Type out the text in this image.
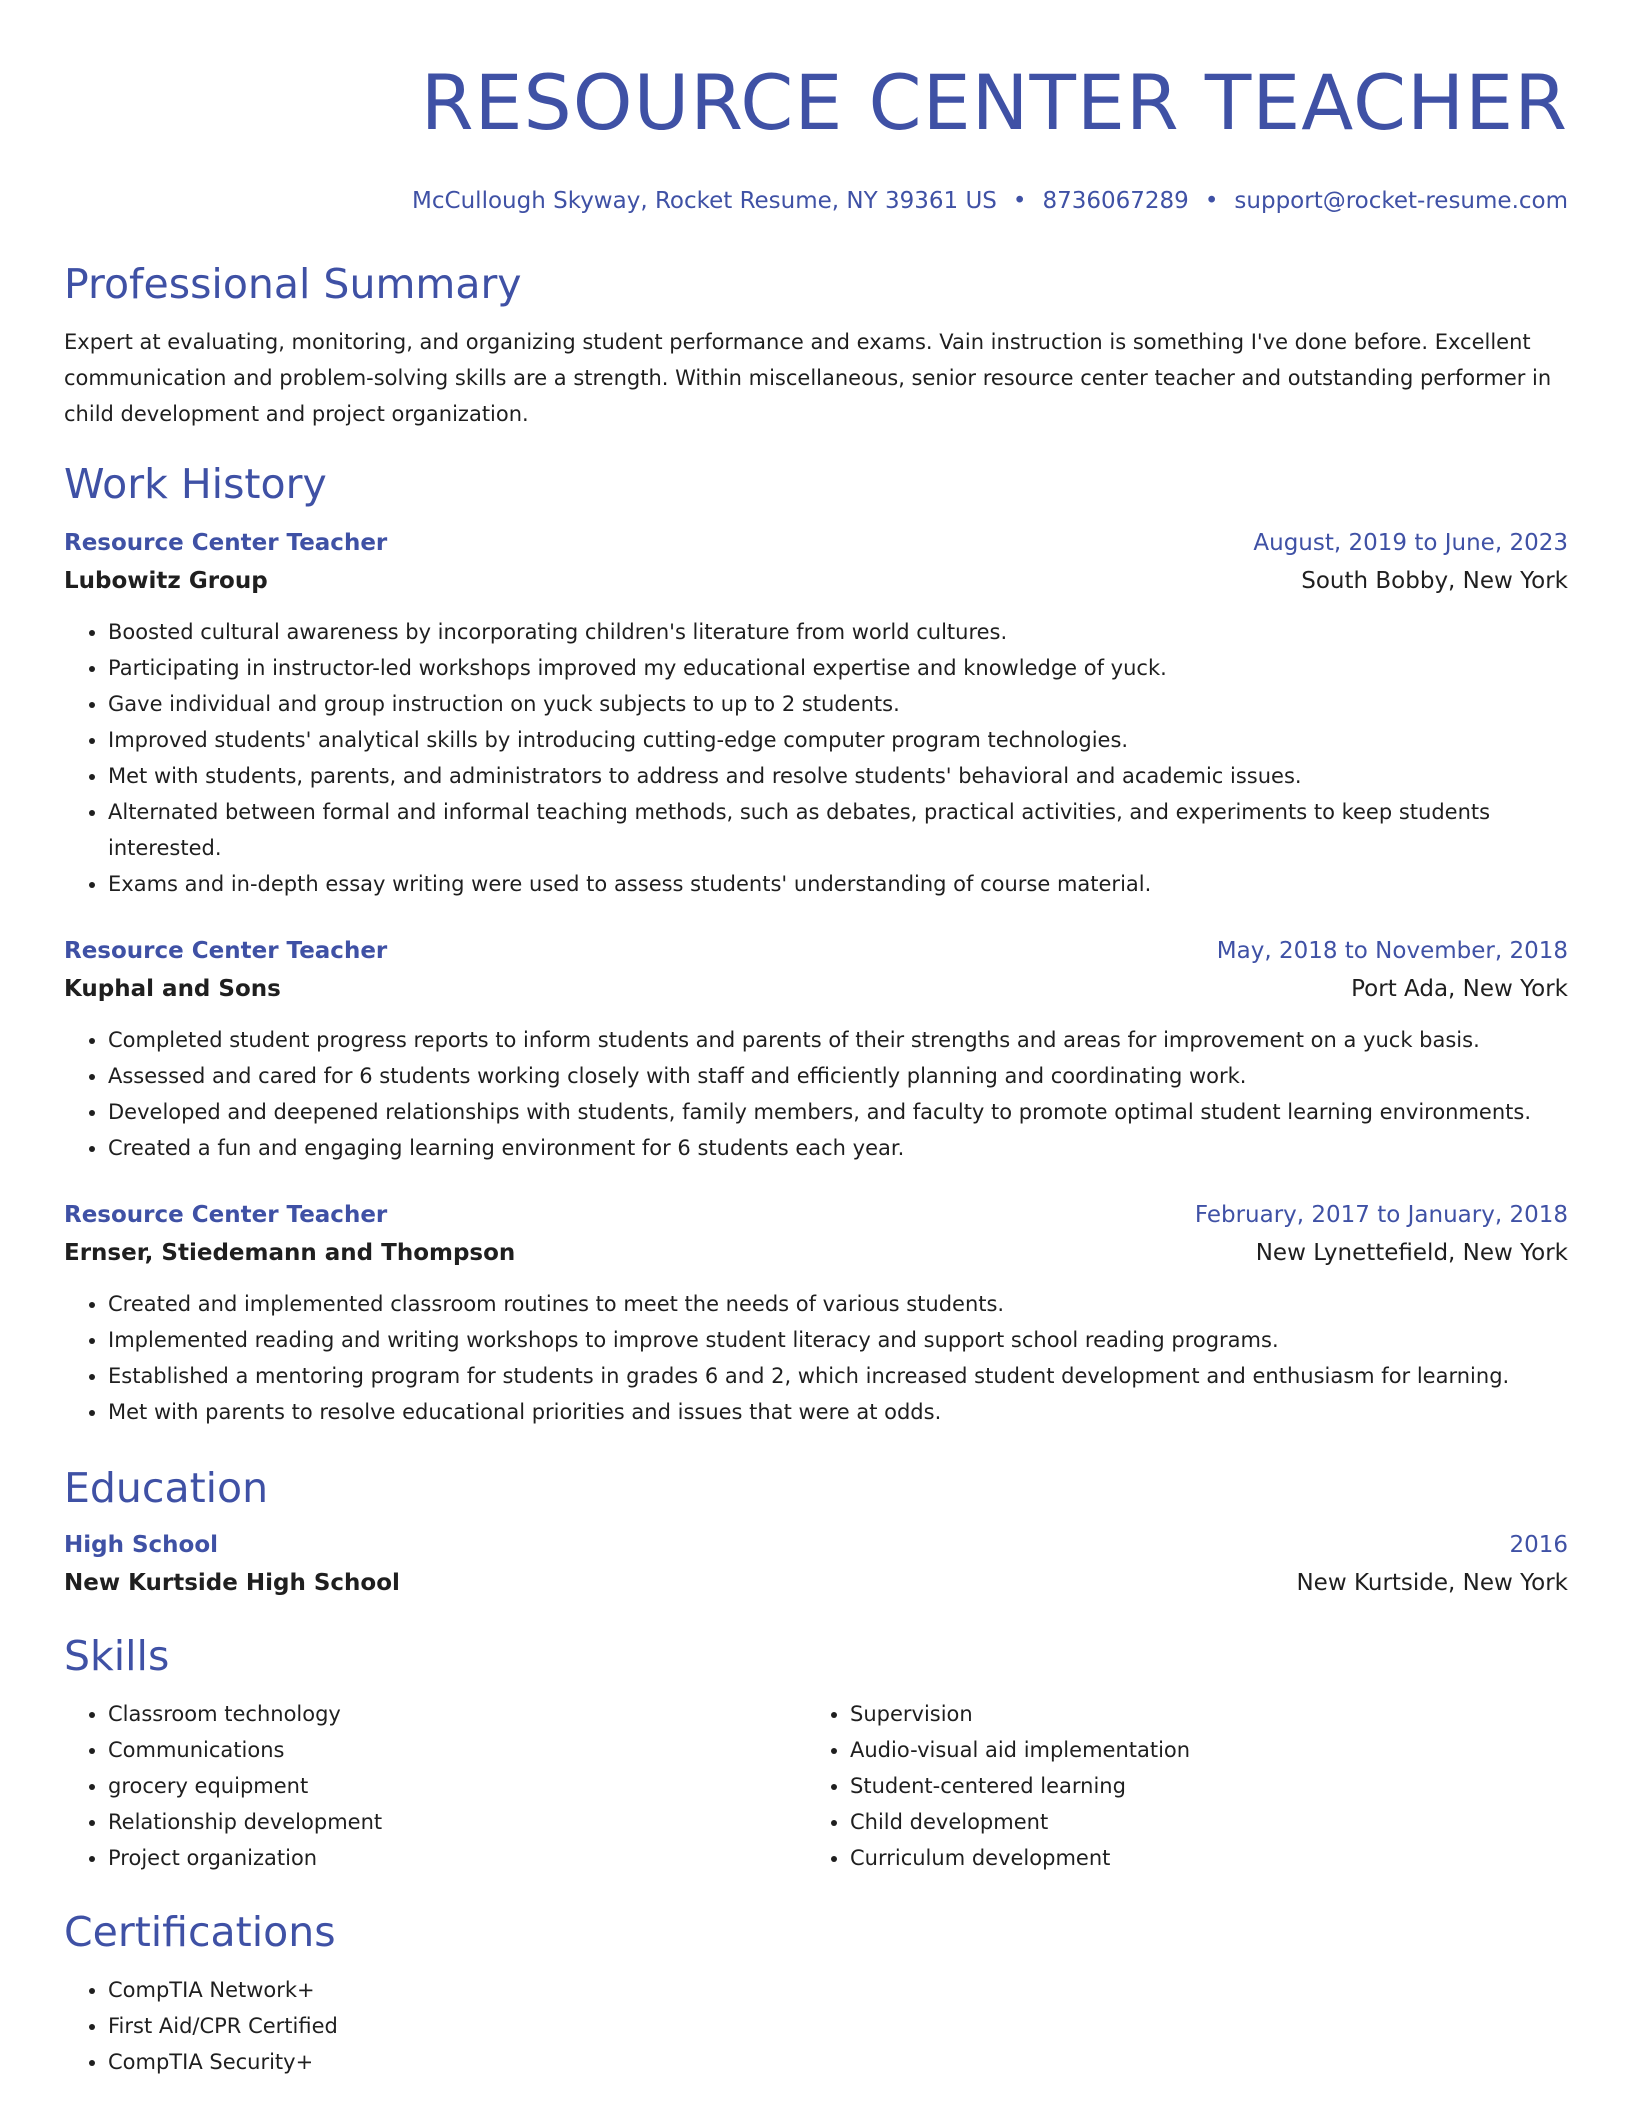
RESOURCE CENTER TEACHER
McCullough Skyway, Rocket Resume, NY 39361 US • 8736067289 • support@rocket-resume.com
Professional Summary
Expert at evaluating, monitoring, and organizing student performance and exams. Vain instruction is something I've done before. Excellent communication and problem-solving skills are a strength. Within miscellaneous, senior resource center teacher and outstanding performer in child development and project organization.
Work History
Resource Center Teacher	August, 2019 to June, 2023
Lubowitz Group	South Bobby, New York
• Boosted cultural awareness by incorporating children's literature from world cultures.
• Participating in instructor-led workshops improved my educational expertise and knowledge of yuck.
• Gave individual and group instruction on yuck subjects to up to 2 students.
• Improved students' analytical skills by introducing cutting-edge computer program technologies.
• Met with students, parents, and administrators to address and resolve students' behavioral and academic issues.
• Alternated between formal and informal teaching methods, such as debates, practical activities, and experiments to keep students interested.
• Exams and in-depth essay writing were used to assess students' understanding of course material.
Resource Center Teacher	May, 2018 to November, 2018
Kuphal and Sons	Port Ada, New York
• Completed student progress reports to inform students and parents of their strengths and areas for improvement on a yuck basis.
• Assessed and cared for 6 students working closely with staff and efficiently planning and coordinating work.
• Developed and deepened relationships with students, family members, and faculty to promote optimal student learning environments.
• Created a fun and engaging learning environment for 6 students each year.
Resource Center Teacher	February, 2017 to January, 2018
Ernser, Stiedemann and Thompson	New Lynettefield, New York
• Created and implemented classroom routines to meet the needs of various students.
• Implemented reading and writing workshops to improve student literacy and support school reading programs.
• Established a mentoring program for students in grades 6 and 2, which increased student development and enthusiasm for learning.
• Met with parents to resolve educational priorities and issues that were at odds.
Education
High School	2016
New Kurtside High School	New Kurtside, New York
Skills
• Classroom technology
• Communications
• grocery equipment
• Relationship development
• Project organization
• Supervision
• Audio-visual aid implementation
• Student-centered learning
• Child development
• Curriculum development
Certifications
• CompTIA Network+
• First Aid/CPR Certified
• CompTIA Security+
